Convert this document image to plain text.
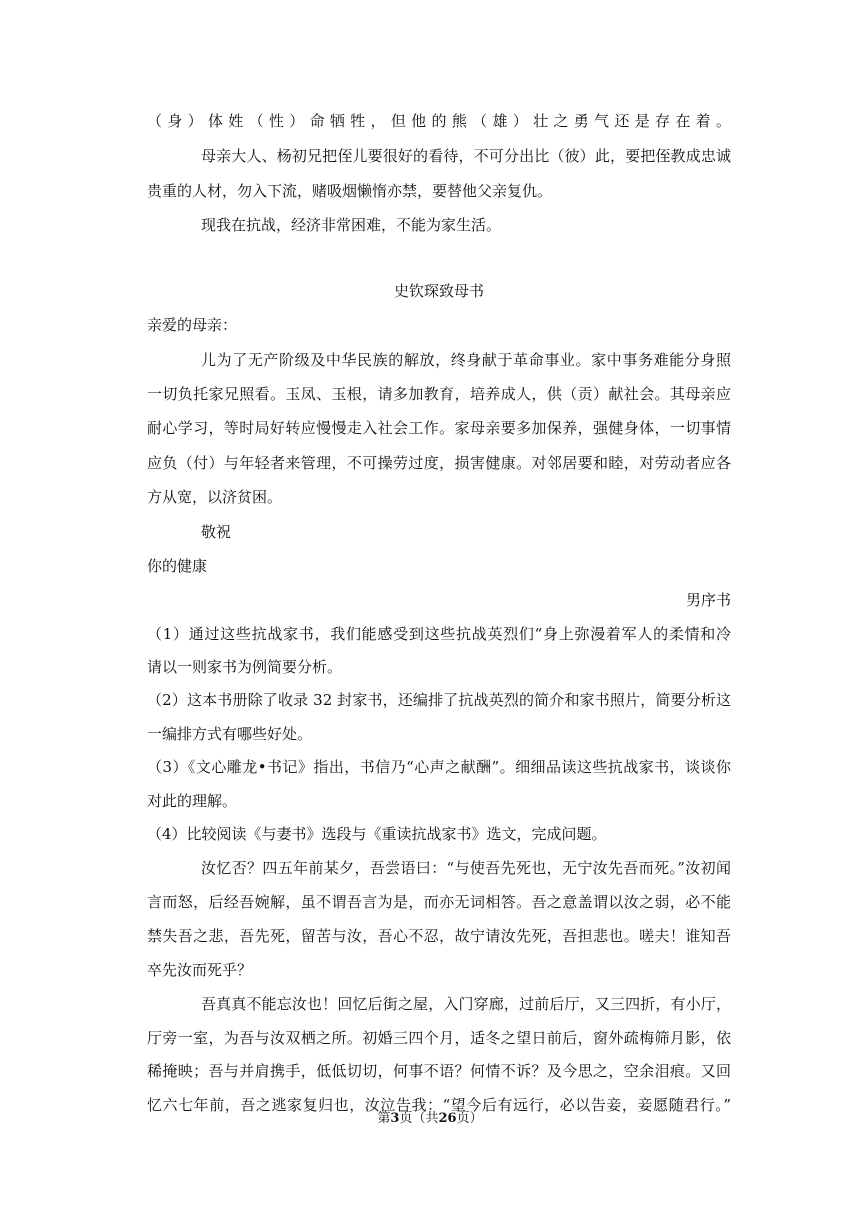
（身）体姓（性）命牺牲，但他的熊（雄）壮之勇气还是存在着。
母亲大人、杨初兄把侄儿要很好的看待，不可分出比（彼）此，要把侄教成忠诚
贵重的人材，勿入下流，赌吸烟懒惰亦禁，要替他父亲复仇。
现我在抗战，经济非常困难，不能为家生活。
史钦琛致母书
亲爱的母亲：
儿为了无产阶级及中华民族的解放，终身献于革命事业。家中事务难能分身照
一切负托家兄照看。玉凤、玉根，请多加教育，培养成人，供（贡）献社会。其母亲应
耐心学习，等时局好转应慢慢走入社会工作。家母亲要多加保养，强健身体，一切事情
应负（付）与年轻者来管理，不可操劳过度，损害健康。对邻居要和睦，对劳动者应各
方从宽，以济贫困。
敬祝
你的健康
男序书
（1）通过这些抗战家书，我们能感受到这些抗战英烈们“身上弥漫着军人的柔情和冷
请以一则家书为例简要分析。
（2）这本书册除了收录 32 封家书，还编排了抗战英烈的简介和家书照片，简要分析这
一编排方式有哪些好处。
（3）《文心雕龙•书记》指出，书信乃“心声之献酬”。细细品读这些抗战家书，谈谈你
对此的理解。
（4）比较阅读《与妻书》选段与《重读抗战家书》选文，完成问题。
汝忆否？四五年前某夕，吾尝语曰：“与使吾先死也，无宁汝先吾而死。”汝初闻
言而怒，后经吾婉解，虽不谓吾言为是，而亦无词相答。吾之意盖谓以汝之弱，必不能
禁失吾之悲，吾先死，留苦与汝，吾心不忍，故宁请汝先死，吾担悲也。嗟夫！谁知吾
卒先汝而死乎？
吾真真不能忘汝也！回忆后街之屋，入门穿廊，过前后厅，又三四折，有小厅，
厅旁一室，为吾与汝双栖之所。初婚三四个月，适冬之望日前后，窗外疏梅筛月影，依
稀掩映；吾与并肩携手，低低切切，何事不语？何情不诉？及今思之，空余泪痕。又回
忆六七年前，吾之逃家复归也，汝泣告我：“望今后有远行，必以告妾，妾愿随君行。”
第3页（共26页）
